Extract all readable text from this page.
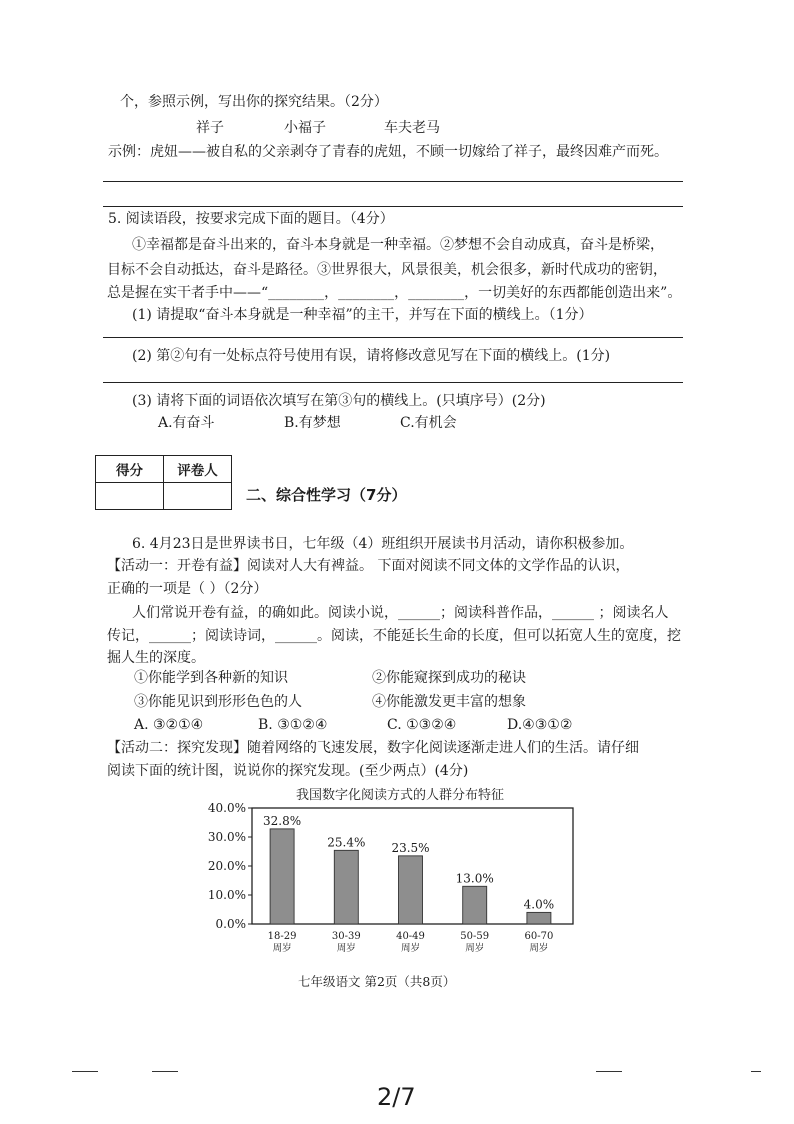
个，参照示例，写出你的探究结果。（2分）
祥子	小福子	车夫老马
示例：虎妞——被自私的父亲剥夺了青春的虎妞，不顾一切嫁给了祥子，最终因难产而死。
5. 阅读语段，按要求完成下面的题目。（4分）
①幸福都是奋斗出来的，奋斗本身就是一种幸福。②梦想不会自动成真，奋斗是桥梁，
目标不会自动抵达，奋斗是路径。③世界很大，风景很美，机会很多，新时代成功的密钥，
总是握在实干者手中——“________，________，________，一切美好的东西都能创造出来”。
(1) 请提取“奋斗本身就是一种幸福”的主干，并写在下面的横线上。（1分）
(2) 第②句有一处标点符号使用有误，请将修改意见写在下面的横线上。(1分)
(3) 请将下面的词语依次填写在第③句的横线上。(只填序号）(2分)
A.有奋斗	B.有梦想	C.有机会
得分	评卷人

二、综合性学习（7分）
6. 4月23日是世界读书日，七年级（4）班组织开展读书月活动，请你积极参加。
【活动一：开卷有益】阅读对人大有裨益。 下面对阅读不同文体的文学作品的认识，
正确的一项是（ ）（2分）
人们常说开卷有益，的确如此。阅读小说，______；阅读科普作品，______ ；阅读名人
传记，______；阅读诗词，______。阅读，不能延长生命的长度，但可以拓宽人生的宽度，挖
掘人生的深度。
①你能学到各种新的知识	②你能窥探到成功的秘诀
③你能见识到形形色色的人	④你能激发更丰富的想象
A. ③②①④	B. ③①②④	C. ①③②④	D.④③①②
【活动二：探究发现】随着网络的飞速发展，数字化阅读逐渐走进人们的生活。请仔细
阅读下面的统计图，说说你的探究发现。(至少两点）(4分)
我国数字化阅读方式的人群分布特征
0.0%
10.0%
20.0%
30.0%
40.0%
32.8%
18-29
周岁
25.4%
30-39
周岁
23.5%
40-49
周岁
13.0%
50-59
周岁
4.0%
60-70
周岁
七年级语文 第2页（共8页）
2/7
